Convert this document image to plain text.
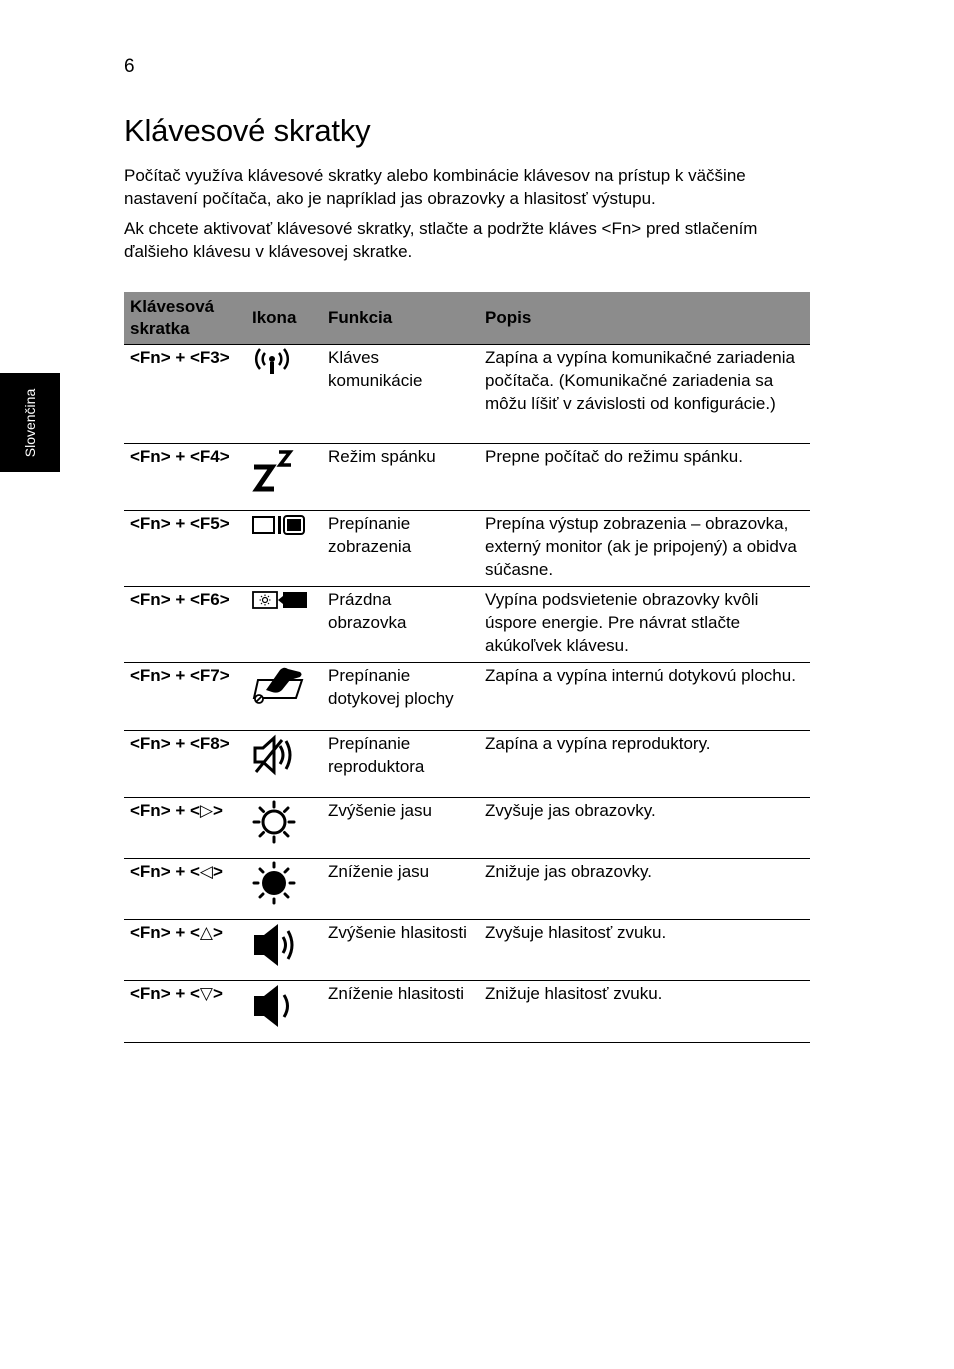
6
Slovenčina
Klávesové skratky

Počítač využíva klávesové skratky alebo kombinácie klávesov na prístup k väčšine nastavení počítača, ako je napríklad jas obrazovky a hlasitosť výstupu.

Ak chcete aktivovať klávesové skratky, stlačte a podržte kláves <Fn> pred stlačením ďalšieho klávesu v klávesovej skratke.

Klávesová skratka	Ikona	Funkcia	Popis
<Fn> + <F3>		Kláves komunikácie	Zapína a vypína komunikačné zariadenia počítača. (Komunikačné zariadenia sa môžu líšiť v závislosti od konfigurácie.)
<Fn> + <F4>		Režim spánku	Prepne počítač do režimu spánku.
<Fn> + <F5>		Prepínanie zobrazenia	Prepína výstup zobrazenia – obrazovka, externý monitor (ak je pripojený) a obidva súčasne.
<Fn> + <F6>		Prázdna obrazovka	Vypína podsvietenie obrazovky kvôli úspore energie. Pre návrat stlačte akúkoľvek klávesu.
<Fn> + <F7>		Prepínanie dotykovej plochy	Zapína a vypína internú dotykovú plochu.
<Fn> + <F8>		Prepínanie reproduktora	Zapína a vypína reproduktory.
<Fn> + <▷>		Zvýšenie jasu	Zvyšuje jas obrazovky.
<Fn> + <◁>		Zníženie jasu	Znižuje jas obrazovky.
<Fn> + <△>		Zvýšenie hlasitosti	Zvyšuje hlasitosť zvuku.
<Fn> + <▽>		Zníženie hlasitosti	Znižuje hlasitosť zvuku.
